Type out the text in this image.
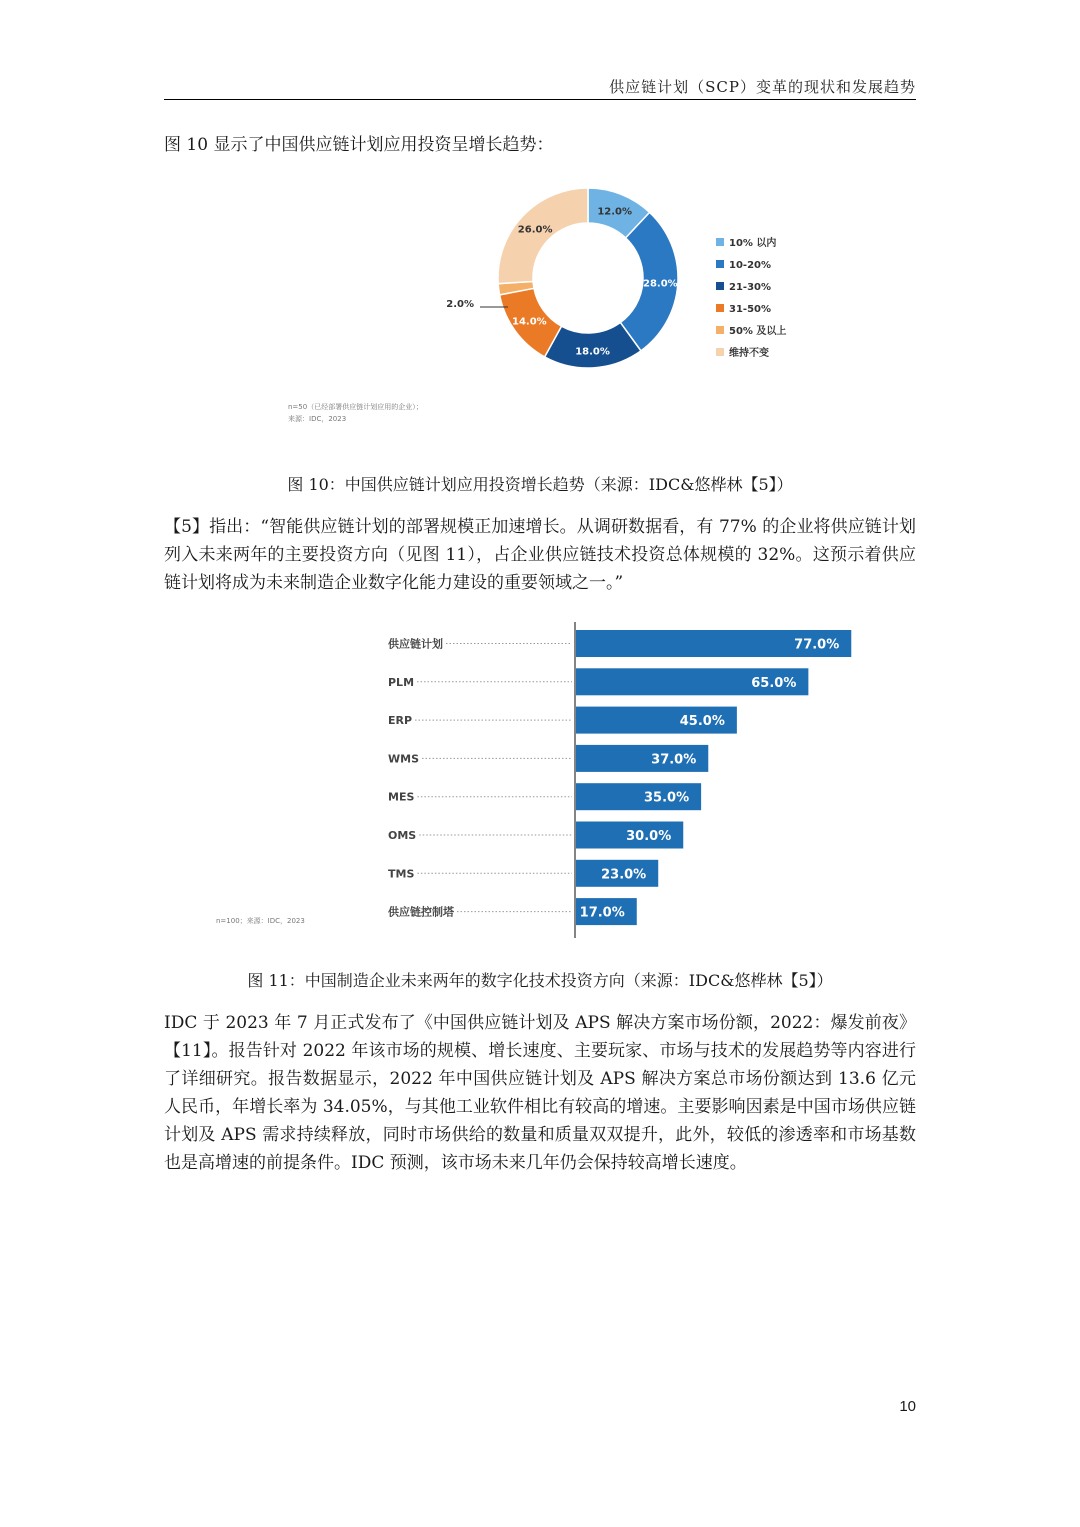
供应链计划（SCP）变革的现状和发展趋势
图 10 显示了中国供应链计划应用投资呈增长趋势：
12.0%
28.0%
18.0%
14.0%
2.0%
26.0%
10% 以内
10-20%
21-30%
31-50%
50% 及以上
维持不变
n=50（已经部署供应链计划应用的企业）；
来源：IDC，2023
图 10：中国供应链计划应用投资增长趋势（来源：IDC&悠桦林【5】）
【5】指出：“智能供应链计划的部署规模正加速增长。从调研数据看，有 77% 的企业将供应链计划列入未来两年的主要投资方向（见图 11），占企业供应链技术投资总体规模的 32%。这预示着供应链计划将成为未来制造企业数字化能力建设的重要领域之一。”
供应链计划	77.0%
PLM	65.0%
ERP	45.0%
WMS	37.0%
MES	35.0%
OMS	30.0%
TMS	23.0%
供应链控制塔	17.0%
n=100；来源：IDC，2023
图 11：中国制造企业未来两年的数字化技术投资方向（来源：IDC&悠桦林【5】）
IDC 于 2023 年 7 月正式发布了《中国供应链计划及 APS 解决方案市场份额，2022：爆发前夜》【11】。报告针对 2022 年该市场的规模、增长速度、主要玩家、市场与技术的发展趋势等内容进行了详细研究。报告数据显示，2022 年中国供应链计划及 APS 解决方案总市场份额达到 13.6 亿元人民币，年增长率为 34.05%，与其他工业软件相比有较高的增速。主要影响因素是中国市场供应链计划及 APS 需求持续释放，同时市场供给的数量和质量双双提升，此外，较低的渗透率和市场基数也是高增速的前提条件。IDC 预测，该市场未来几年仍会保持较高增长速度。
10
